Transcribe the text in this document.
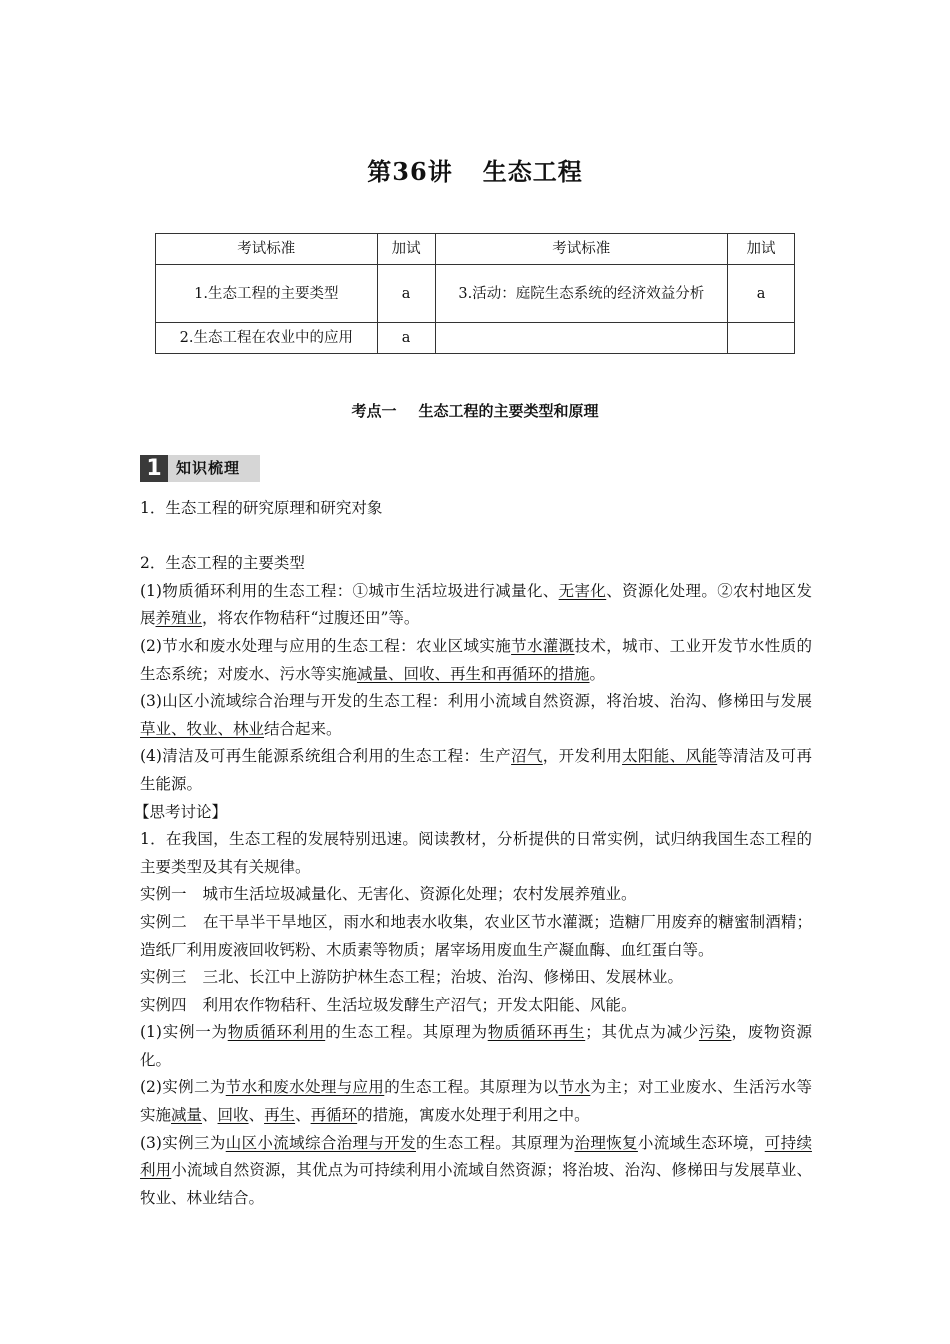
第36讲 生态工程
考试标准	加试	考试标准	加试
1.生态工程的主要类型	a	3.活动：庭院生态系统的经济效益分析	a
2.生态工程在农业中的应用	a		
考点一 生态工程的主要类型和原理
1 知识梳理

1．生态工程的研究原理和研究对象

2．生态工程的主要类型

(1)物质循环利用的生态工程：①城市生活垃圾进行减量化、无害化、资源化处理。②农村地区发展养殖业，将农作物秸秆“过腹还田”等。

(2)节水和废水处理与应用的生态工程：农业区域实施节水灌溉技术，城市、工业开发节水性质的生态系统；对废水、污水等实施减量、回收、再生和再循环的措施。

(3)山区小流域综合治理与开发的生态工程：利用小流域自然资源，将治坡、治沟、修梯田与发展草业、牧业、林业结合起来。

(4)清洁及可再生能源系统组合利用的生态工程：生产沼气，开发利用太阳能、风能等清洁及可再生能源。

【思考讨论】

1．在我国，生态工程的发展特别迅速。阅读教材，分析提供的日常实例，试归纳我国生态工程的主要类型及其有关规律。

实例一 城市生活垃圾减量化、无害化、资源化处理；农村发展养殖业。

实例二 在干旱半干旱地区，雨水和地表水收集，农业区节水灌溉；造糖厂用废弃的糖蜜制酒精；造纸厂利用废液回收钙粉、木质素等物质；屠宰场用废血生产凝血酶、血红蛋白等。

实例三 三北、长江中上游防护林生态工程；治坡、治沟、修梯田、发展林业。

实例四 利用农作物秸秆、生活垃圾发酵生产沼气；开发太阳能、风能。

(1)实例一为物质循环利用的生态工程。其原理为物质循环再生；其优点为减少污染，废物资源化。

(2)实例二为节水和废水处理与应用的生态工程。其原理为以节水为主；对工业废水、生活污水等实施减量、回收、再生、再循环的措施，寓废水处理于利用之中。

(3)实例三为山区小流域综合治理与开发的生态工程。其原理为治理恢复小流域生态环境，可持续利用小流域自然资源，其优点为可持续利用小流域自然资源；将治坡、治沟、修梯田与发展草业、牧业、林业结合。
